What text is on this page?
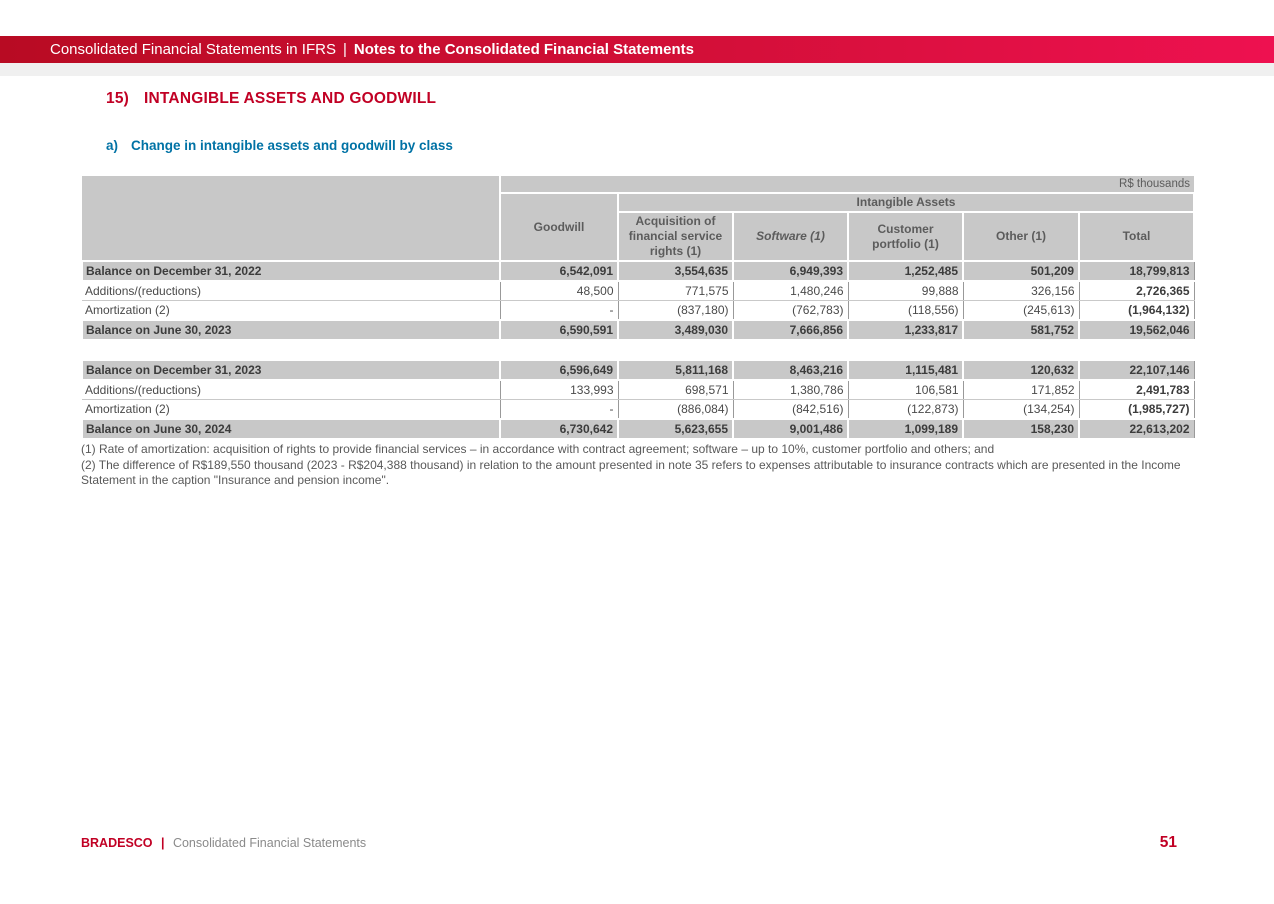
Consolidated Financial Statements in IFRS | Notes to the Consolidated Financial Statements
15) INTANGIBLE ASSETS AND GOODWILL
a) Change in intangible assets and goodwill by class
	R$ thousands					
	Goodwill	Intangible Assets				
		Acquisition of financial service rights (1)	Software (1)	Customer portfolio (1)	Other (1)	Total
Balance on December 31, 2022	6,542,091	3,554,635	6,949,393	1,252,485	501,209	18,799,813
Additions/(reductions)	48,500	771,575	1,480,246	99,888	326,156	2,726,365
Amortization (2)	-	(837,180)	(762,783)	(118,556)	(245,613)	(1,964,132)
Balance on June 30, 2023	6,590,591	3,489,030	7,666,856	1,233,817	581,752	19,562,046

Balance on December 31, 2023	6,596,649	5,811,168	8,463,216	1,115,481	120,632	22,107,146
Additions/(reductions)	133,993	698,571	1,380,786	106,581	171,852	2,491,783
Amortization (2)	-	(886,084)	(842,516)	(122,873)	(134,254)	(1,985,727)
Balance on June 30, 2024	6,730,642	5,623,655	9,001,486	1,099,189	158,230	22,613,202
(1) Rate of amortization: acquisition of rights to provide financial services – in accordance with contract agreement; software – up to 10%, customer portfolio and others; and
(2) The difference of R$189,550 thousand (2023 - R$204,388 thousand) in relation to the amount presented in note 35 refers to expenses attributable to insurance contracts which are presented in the Income Statement in the caption "Insurance and pension income".
BRADESCO | Consolidated Financial Statements	51
